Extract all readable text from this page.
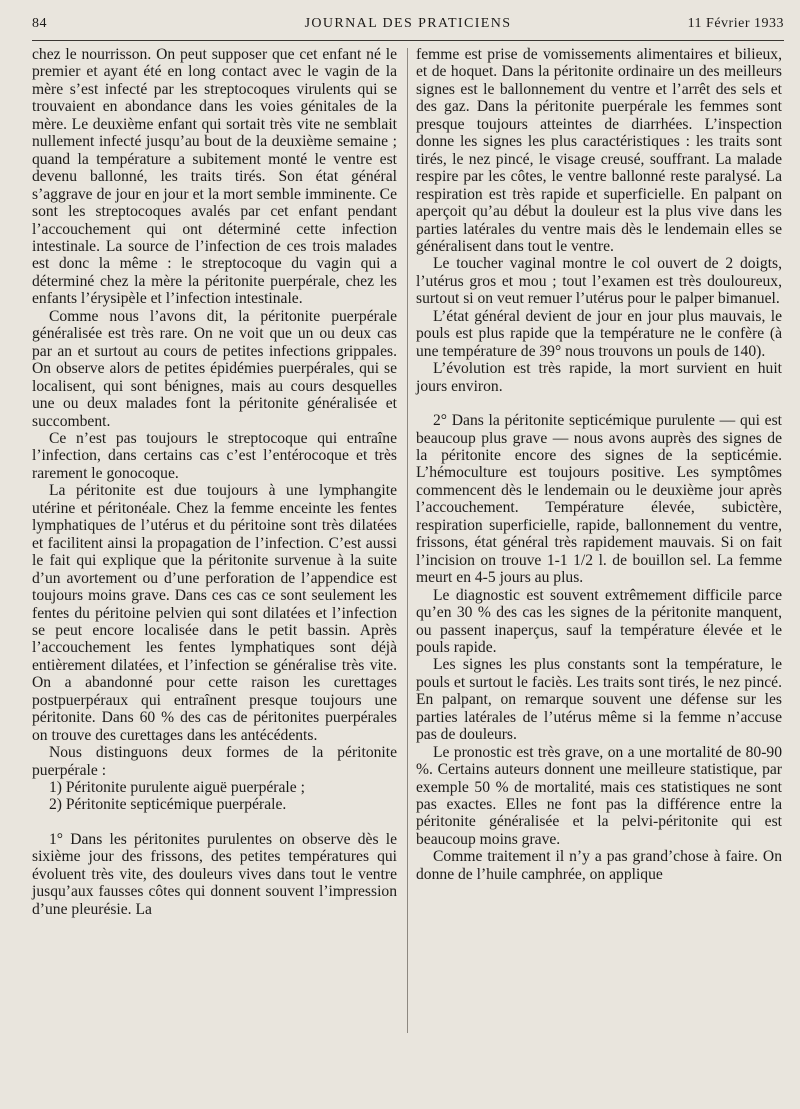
84	JOURNAL DES PRATICIENS	11 Février 1933

chez le nourrisson. On peut supposer que cet enfant né le premier et ayant été en long contact avec le vagin de la mère s’est infecté par les streptocoques virulents qui se trouvaient en abondance dans les voies génitales de la mère. Le deuxième enfant qui sortait très vite ne semblait nullement infecté jusqu’au bout de la deuxième semaine ; quand la température a subitement monté le ventre est devenu ballonné, les traits tirés. Son état général s’aggrave de jour en jour et la mort semble imminente. Ce sont les streptocoques avalés par cet enfant pendant l’accouchement qui ont déterminé cette infection intestinale. La source de l’infection de ces trois malades est donc la même : le streptocoque du vagin qui a déterminé chez la mère la péritonite puerpérale, chez les enfants l’érysipèle et l’infection intestinale.

Comme nous l’avons dit, la péritonite puerpérale généralisée est très rare. On ne voit que un ou deux cas par an et surtout au cours de petites infections grippales. On observe alors de petites épidémies puerpérales, qui se localisent, qui sont bénignes, mais au cours desquelles une ou deux malades font la péritonite généralisée et succombent.

Ce n’est pas toujours le streptocoque qui entraîne l’infection, dans certains cas c’est l’entérocoque et très rarement le gonocoque.

La péritonite est due toujours à une lymphangite utérine et péritonéale. Chez la femme enceinte les fentes lymphatiques de l’utérus et du péritoine sont très dilatées et facilitent ainsi la propagation de l’infection. C’est aussi le fait qui explique que la péritonite survenue à la suite d’un avortement ou d’une perforation de l’appendice est toujours moins grave. Dans ces cas ce sont seulement les fentes du péritoine pelvien qui sont dilatées et l’infection se peut encore localisée dans le petit bassin. Après l’accouchement les fentes lymphatiques sont déjà entièrement dilatées, et l’infection se généralise très vite. On a abandonné pour cette raison les curettages postpuerpéraux qui entraînent presque toujours une péritonite. Dans 60 % des cas de péritonites puerpérales on trouve des curettages dans les antécédents.

Nous distinguons deux formes de la péritonite puerpérale :

1) Péritonite purulente aiguë puerpérale ;

2) Péritonite septicémique puerpérale.

1° Dans les péritonites purulentes on observe dès le sixième jour des frissons, des petites températures qui évoluent très vite, des douleurs vives dans tout le ventre jusqu’aux fausses côtes qui donnent souvent l’impression d’une pleurésie. La

femme est prise de vomissements alimentaires et bilieux, et de hoquet. Dans la péritonite ordinaire un des meilleurs signes est le ballonnement du ventre et l’arrêt des sels et des gaz. Dans la péritonite puerpérale les femmes sont presque toujours atteintes de diarrhées. L’inspection donne les signes les plus caractéristiques : les traits sont tirés, le nez pincé, le visage creusé, souffrant. La malade respire par les côtes, le ventre ballonné reste paralysé. La respiration est très rapide et superficielle. En palpant on aperçoit qu’au début la douleur est la plus vive dans les parties latérales du ventre mais dès le lendemain elles se généralisent dans tout le ventre.

Le toucher vaginal montre le col ouvert de 2 doigts, l’utérus gros et mou ; tout l’examen est très douloureux, surtout si on veut remuer l’utérus pour le palper bimanuel.

L’état général devient de jour en jour plus mauvais, le pouls est plus rapide que la température ne le confère (à une température de 39° nous trouvons un pouls de 140).

L’évolution est très rapide, la mort survient en huit jours environ.

2° Dans la péritonite septicémique purulente — qui est beaucoup plus grave — nous avons auprès des signes de la péritonite encore des signes de la septicémie. L’hémoculture est toujours positive. Les symptômes commencent dès le lendemain ou le deuxième jour après l’accouchement. Température élevée, subictère, respiration superficielle, rapide, ballonnement du ventre, frissons, état général très rapidement mauvais. Si on fait l’incision on trouve 1-1 1/2 l. de bouillon sel. La femme meurt en 4-5 jours au plus.

Le diagnostic est souvent extrêmement difficile parce qu’en 30 % des cas les signes de la péritonite manquent, ou passent inaperçus, sauf la température élevée et le pouls rapide.

Les signes les plus constants sont la température, le pouls et surtout le faciès. Les traits sont tirés, le nez pincé. En palpant, on remarque souvent une défense sur les parties latérales de l’utérus même si la femme n’accuse pas de douleurs.

Le pronostic est très grave, on a une mortalité de 80-90 %. Certains auteurs donnent une meilleure statistique, par exemple 50 % de mortalité, mais ces statistiques ne sont pas exactes. Elles ne font pas la différence entre la péritonite généralisée et la pelvi-péritonite qui est beaucoup moins grave.

Comme traitement il n’y a pas grand’chose à faire. On donne de l’huile camphrée, on applique
